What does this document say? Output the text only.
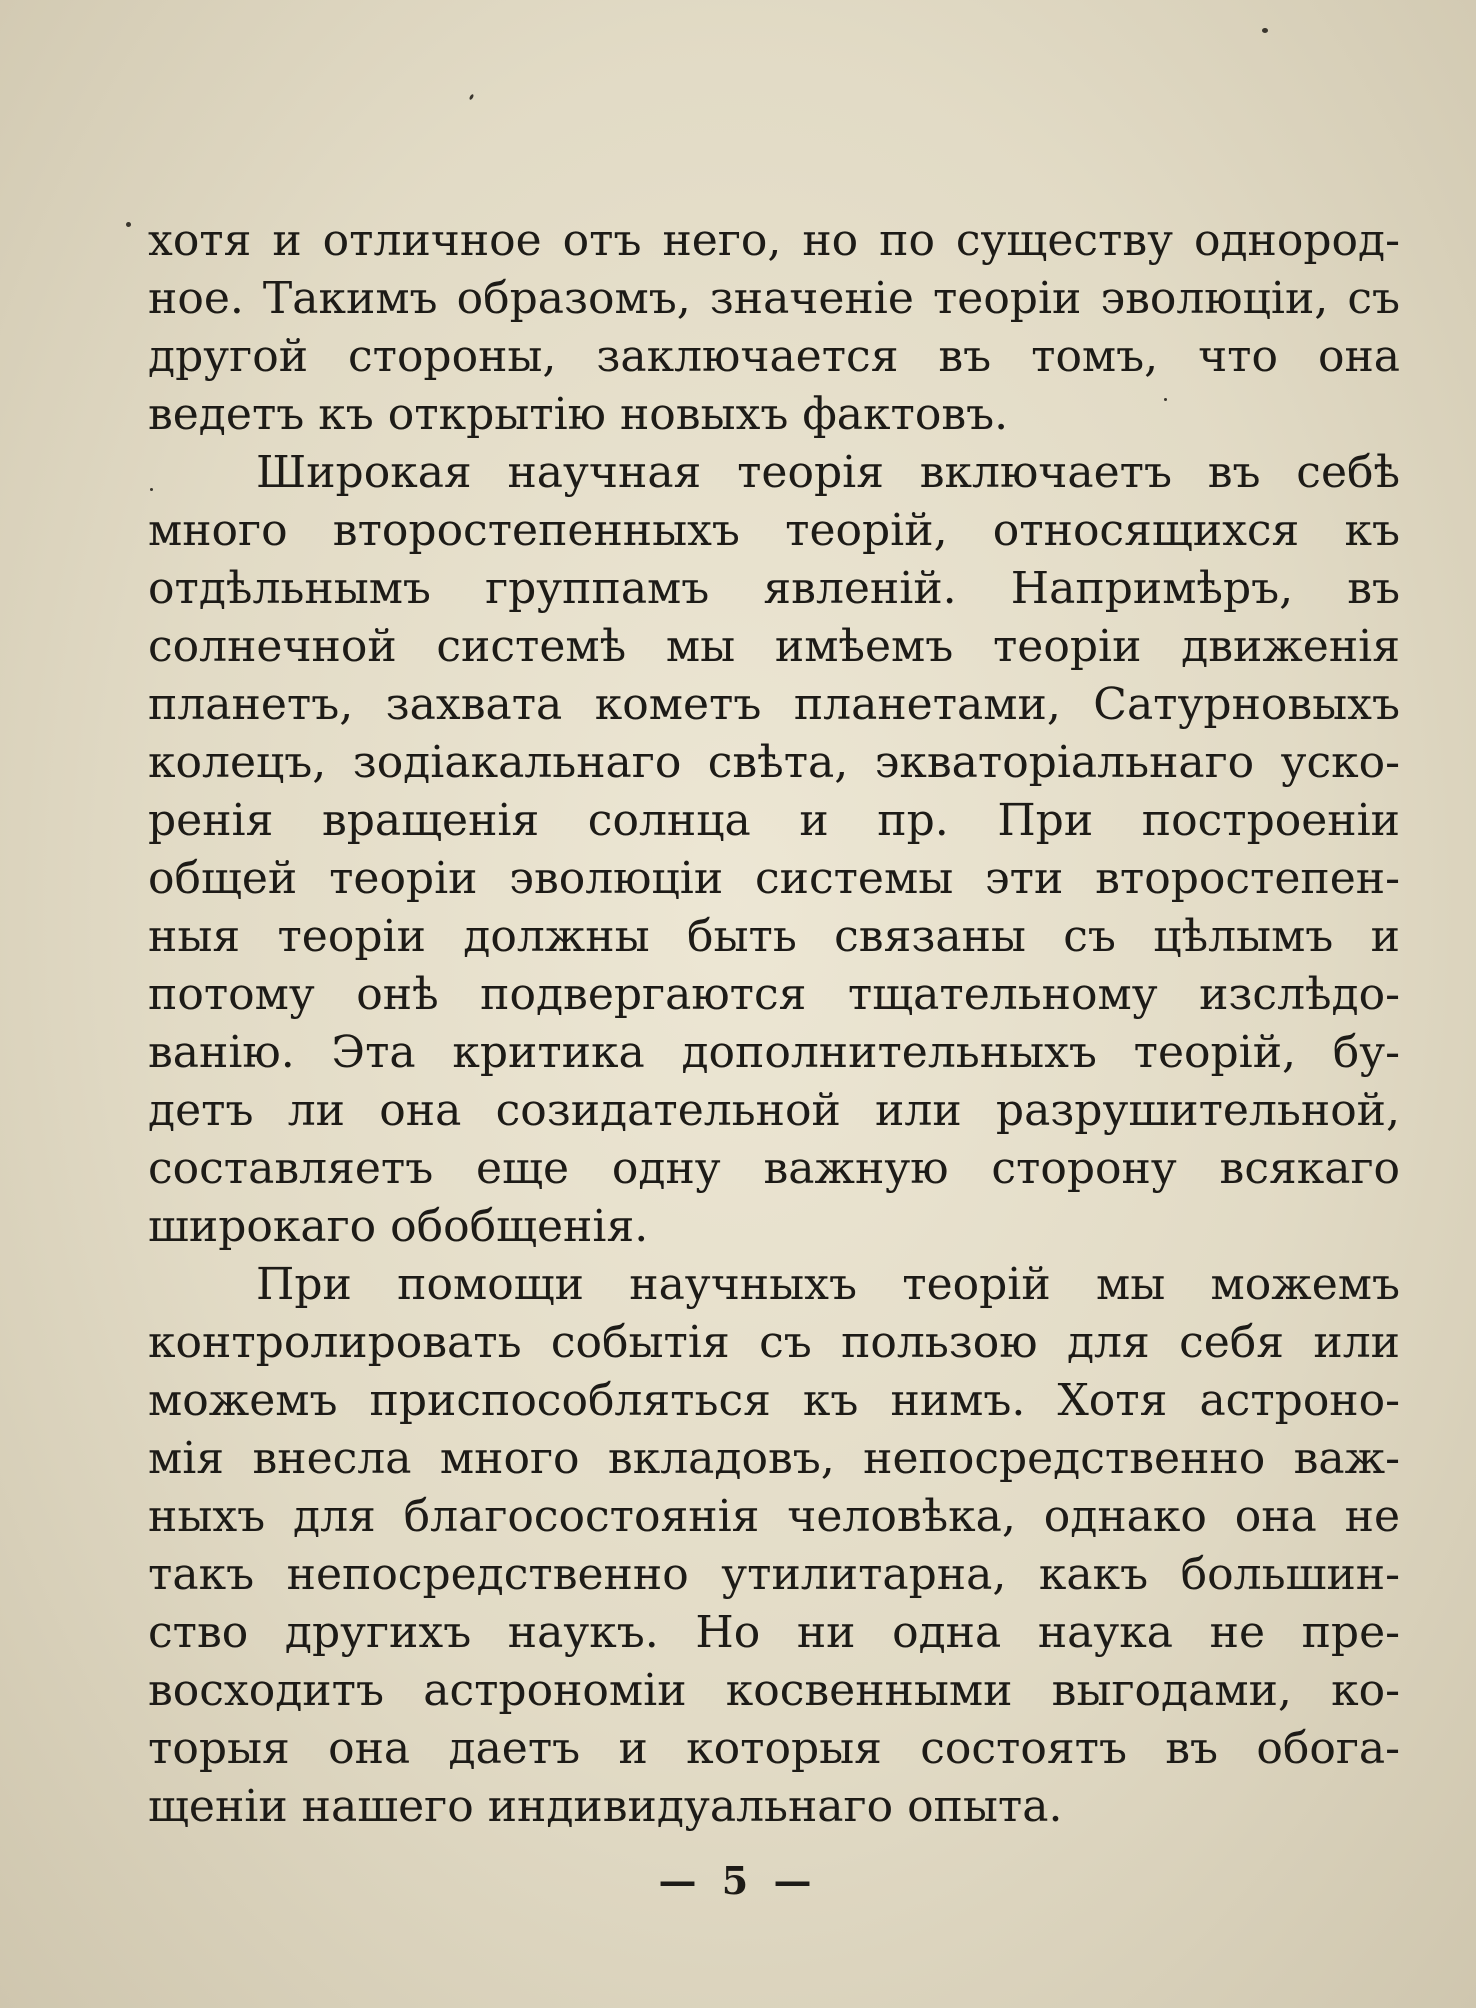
хотя и отличное отъ него, но по существу однород-
ное. Такимъ образомъ, значеніе теоріи эволюціи, съ
другой стороны, заключается въ томъ, что она
ведетъ къ открытію новыхъ фактовъ.
Широкая научная теорія включаетъ въ себѣ
много второстепенныхъ теорій, относящихся къ
отдѣльнымъ группамъ явленій. Напримѣръ, въ
солнечной системѣ мы имѣемъ теоріи движенія
планетъ, захвата кометъ планетами, Сатурновыхъ
колецъ, зодіакальнаго свѣта, экваторіальнаго уско-
ренія вращенія солнца и пр. При построеніи
общей теоріи эволюціи системы эти второстепен-
ныя теоріи должны быть связаны съ цѣлымъ и
потому онѣ подвергаются тщательному изслѣдо-
ванію. Эта критика дополнительныхъ теорій, бу-
детъ ли она созидательной или разрушительной,
составляетъ еще одну важную сторону всякаго
широкаго обобщенія.
При помощи научныхъ теорій мы можемъ
контролировать событія съ пользою для себя или
можемъ приспособляться къ нимъ. Хотя астроно-
мія внесла много вкладовъ, непосредственно важ-
ныхъ для благосостоянія человѣка, однако она не
такъ непосредственно утилитарна, какъ большин-
ство другихъ наукъ. Но ни одна наука не пре-
восходитъ астрономіи косвенными выгодами, ко-
торыя она даетъ и которыя состоятъ въ обога-
щеніи нашего индивидуальнаго опыта.
— 5 —
